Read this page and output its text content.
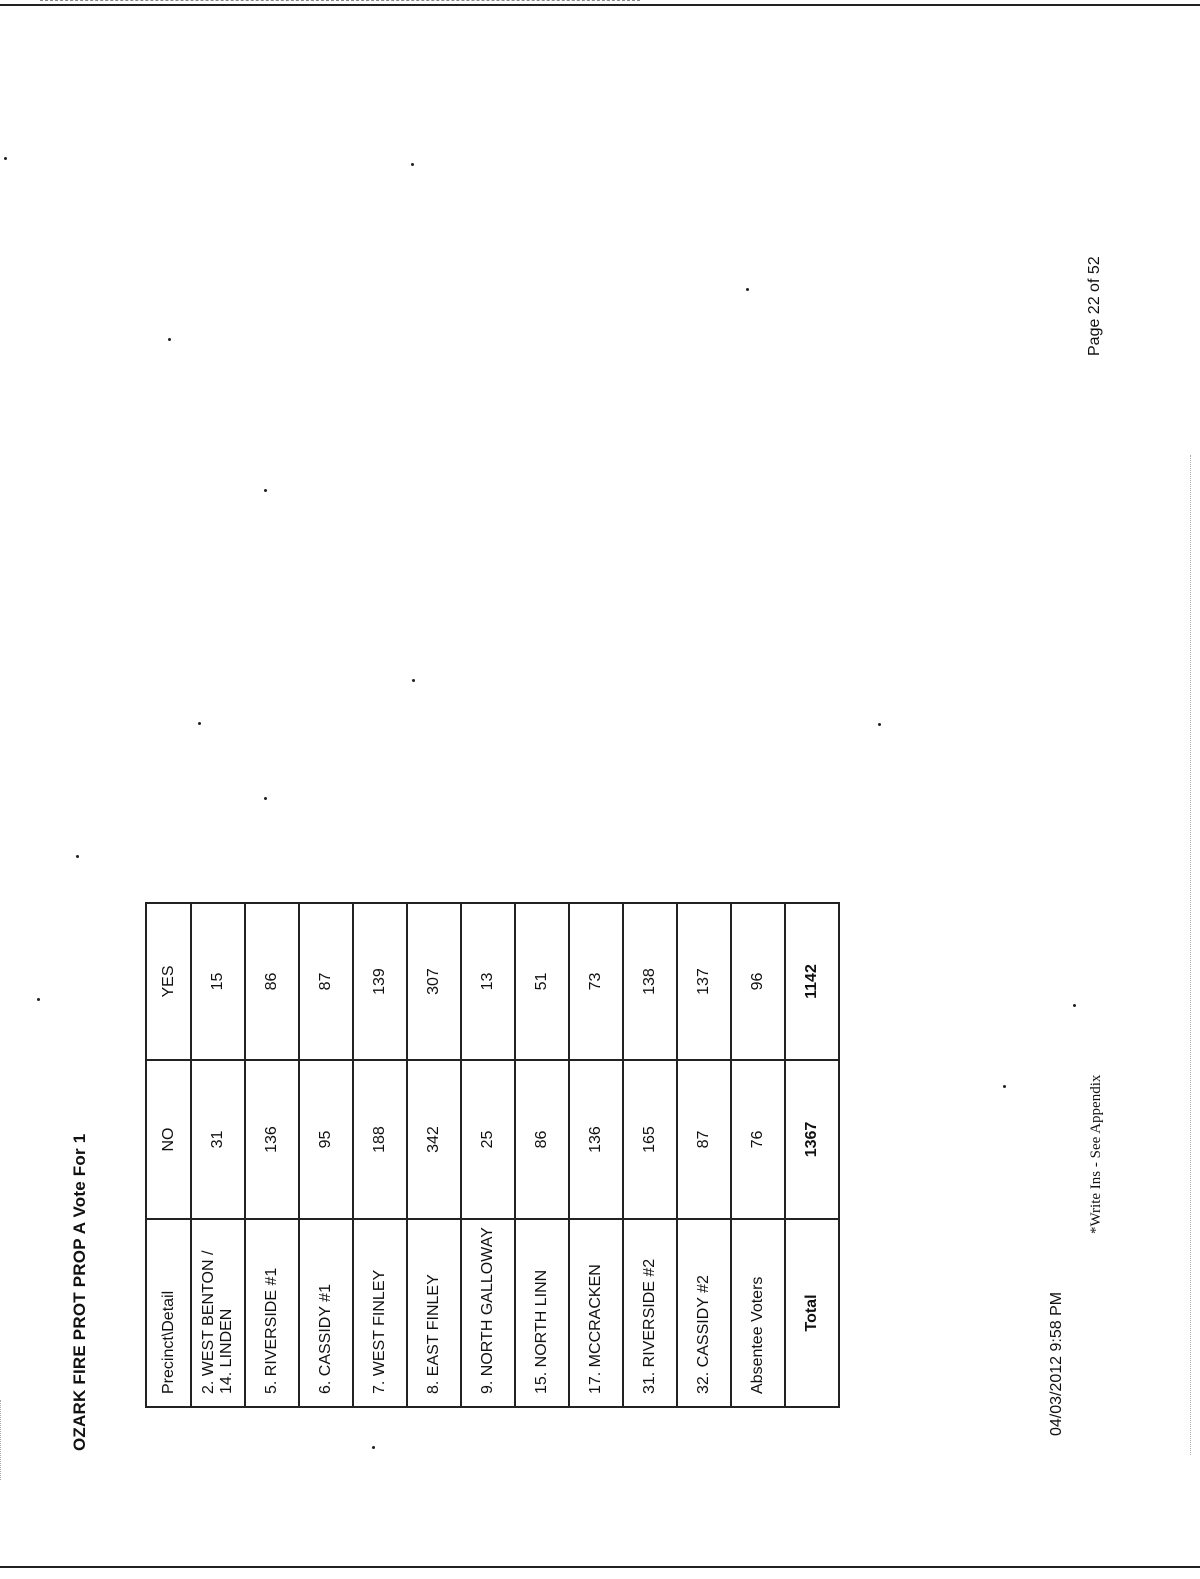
OZARK FIRE PROT PROP A Vote For 1	Precinct\Detail	NO	YES
2. WEST BENTON / 14. LINDEN	31	15
5. RIVERSIDE #1	136	86
6. CASSIDY #1	95	87
7. WEST FINLEY	188	139
8. EAST FINLEY	342	307
9. NORTH GALLOWAY	25	13
15. NORTH LINN	86	51
17. MCCRACKEN	136	73
31. RIVERSIDE #2	165	138
32. CASSIDY #2	87	137
Absentee Voters	76	96
Total	1367	1142
04/03/2012 9:58 PM
*Write Ins - See Appendix
Page 22 of 52
